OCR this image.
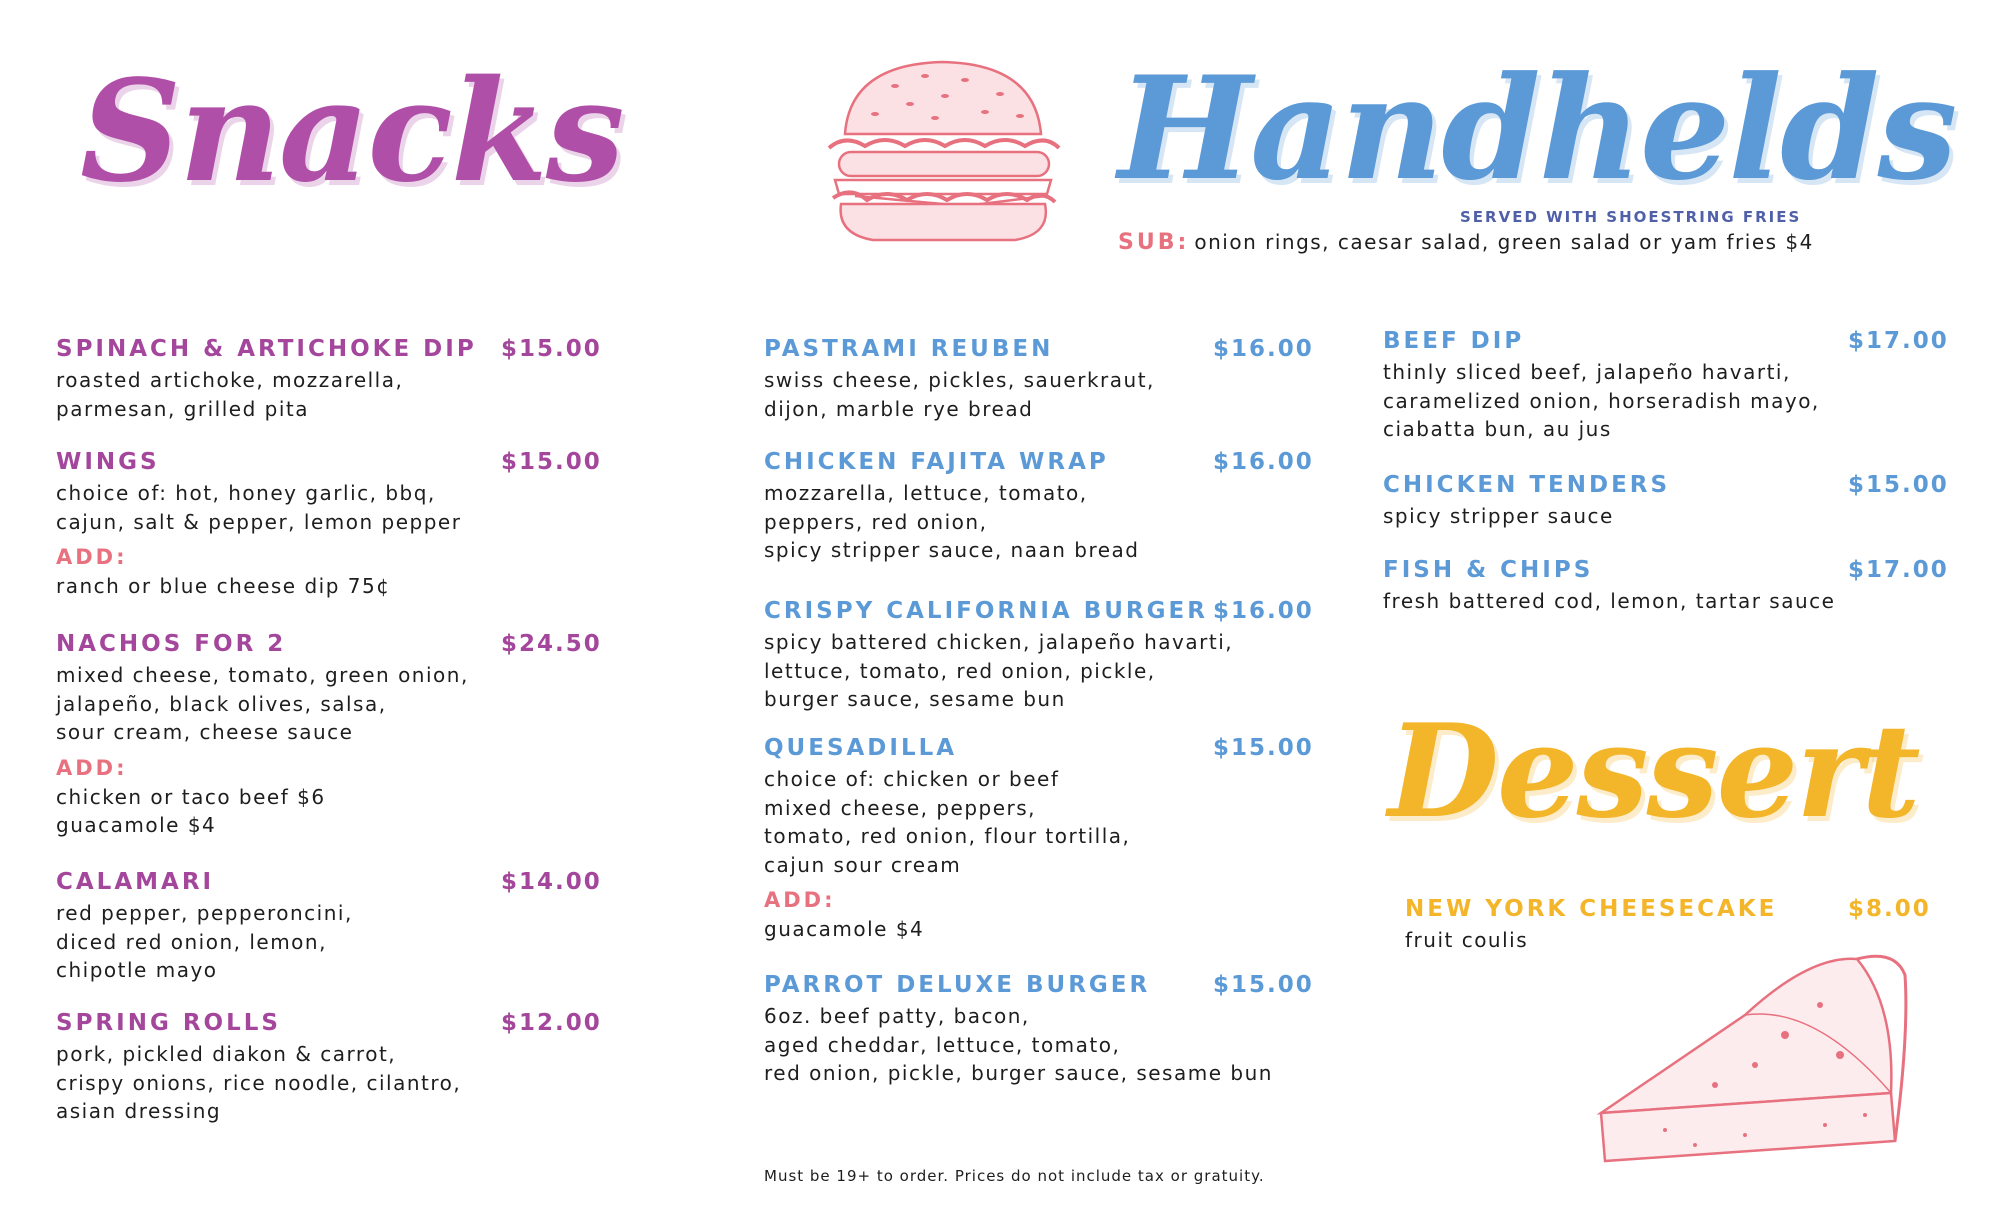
Snacks	Handhelds
SERVED WITH SHOESTRING FRIES
SUB: onion rings, caesar salad, green salad or yam fries $4
Dessert
SPINACH & ARTICHOKE DIP $15.00
roasted artichoke, mozzarella,
parmesan, grilled pita
WINGS	$15.00
choice of: hot, honey garlic, bbq,
cajun, salt & pepper, lemon pepper
ADD:
ranch or blue cheese dip 75¢
NACHOS FOR 2	$24.50
mixed cheese, tomato, green onion,
jalapeño, black olives, salsa,
sour cream, cheese sauce
ADD:
chicken or taco beef $6
guacamole $4
CALAMARI	$14.00
red pepper, pepperoncini,
diced red onion, lemon,
chipotle mayo
SPRING ROLLS	$12.00
pork, pickled diakon & carrot,
crispy onions, rice noodle, cilantro,
asian dressing
PASTRAMI REUBEN	$16.00
swiss cheese, pickles, sauerkraut,
dijon, marble rye bread
CHICKEN FAJITA WRAP	$16.00
mozzarella, lettuce, tomato,
peppers, red onion,
spicy stripper sauce, naan bread
CRISPY CALIFORNIA BURGER $16.00
spicy battered chicken, jalapeño havarti,
lettuce, tomato, red onion, pickle,
burger sauce, sesame bun
QUESADILLA	$15.00
choice of: chicken or beef
mixed cheese, peppers,
tomato, red onion, flour tortilla,
cajun sour cream
ADD:
guacamole $4
PARROT DELUXE BURGER	$15.00
6oz. beef patty, bacon,
aged cheddar, lettuce, tomato,
red onion, pickle, burger sauce, sesame bun
BEEF DIP	$17.00
thinly sliced beef, jalapeño havarti,
caramelized onion, horseradish mayo,
ciabatta bun, au jus
CHICKEN TENDERS	$15.00
spicy stripper sauce
FISH & CHIPS	$17.00
fresh battered cod, lemon, tartar sauce
NEW YORK CHEESECAKE	$8.00
fruit coulis
Must be 19+ to order. Prices do not include tax or gratuity.
